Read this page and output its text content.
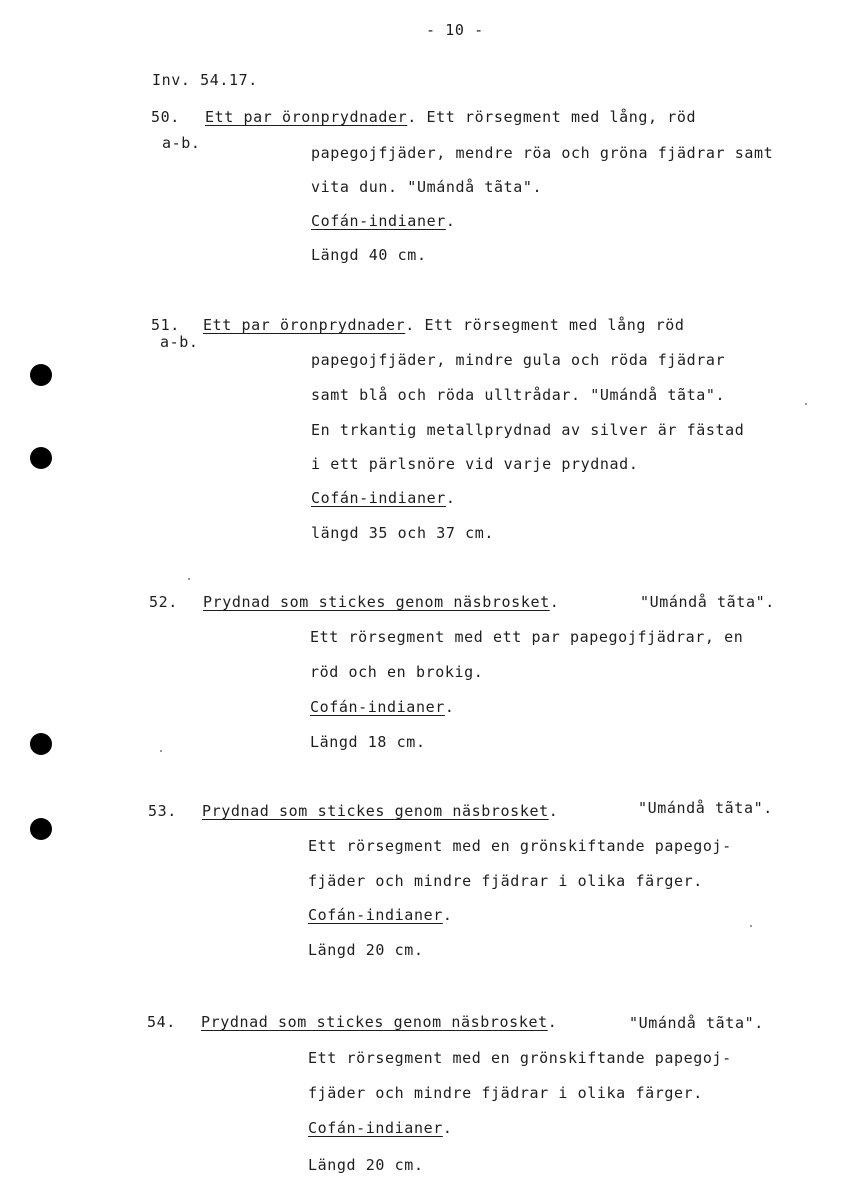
- 10 -
Inv. 54.17.
50.
a-b.
Ett par öronprydnader. Ett rörsegment med lång, röd
papegojfjäder, mendre röa och gröna fjädrar samt
vita dun. "Umándå tãta".
Cofán-indianer.
Längd 40 cm.
51.
a-b.
Ett par öronprydnader. Ett rörsegment med lång röd
papegojfjäder, mindre gula och röda fjädrar
samt blå och röda ulltrådar. "Umándå tãta".
En trkantig metallprydnad av silver är fästad
i ett pärlsnöre vid varje prydnad.
Cofán-indianer.
längd 35 och 37 cm.
52. Prydnad som stickes genom näsbrosket.	"Umándå tãta".
Ett rörsegment med ett par papegojfjädrar, en
röd och en brokig.
Cofán-indianer.
Längd 18 cm.
53. Prydnad som stickes genom näsbrosket.	"Umándå tãta".
Ett rörsegment med en grönskiftande papegoj-
fjäder och mindre fjädrar i olika färger.
Cofán-indianer.
Längd 20 cm.
54. Prydnad som stickes genom näsbrosket.	"Umándå tãta".
Ett rörsegment med en grönskiftande papegoj-
fjäder och mindre fjädrar i olika färger.
Cofán-indianer.
Längd 20 cm.
